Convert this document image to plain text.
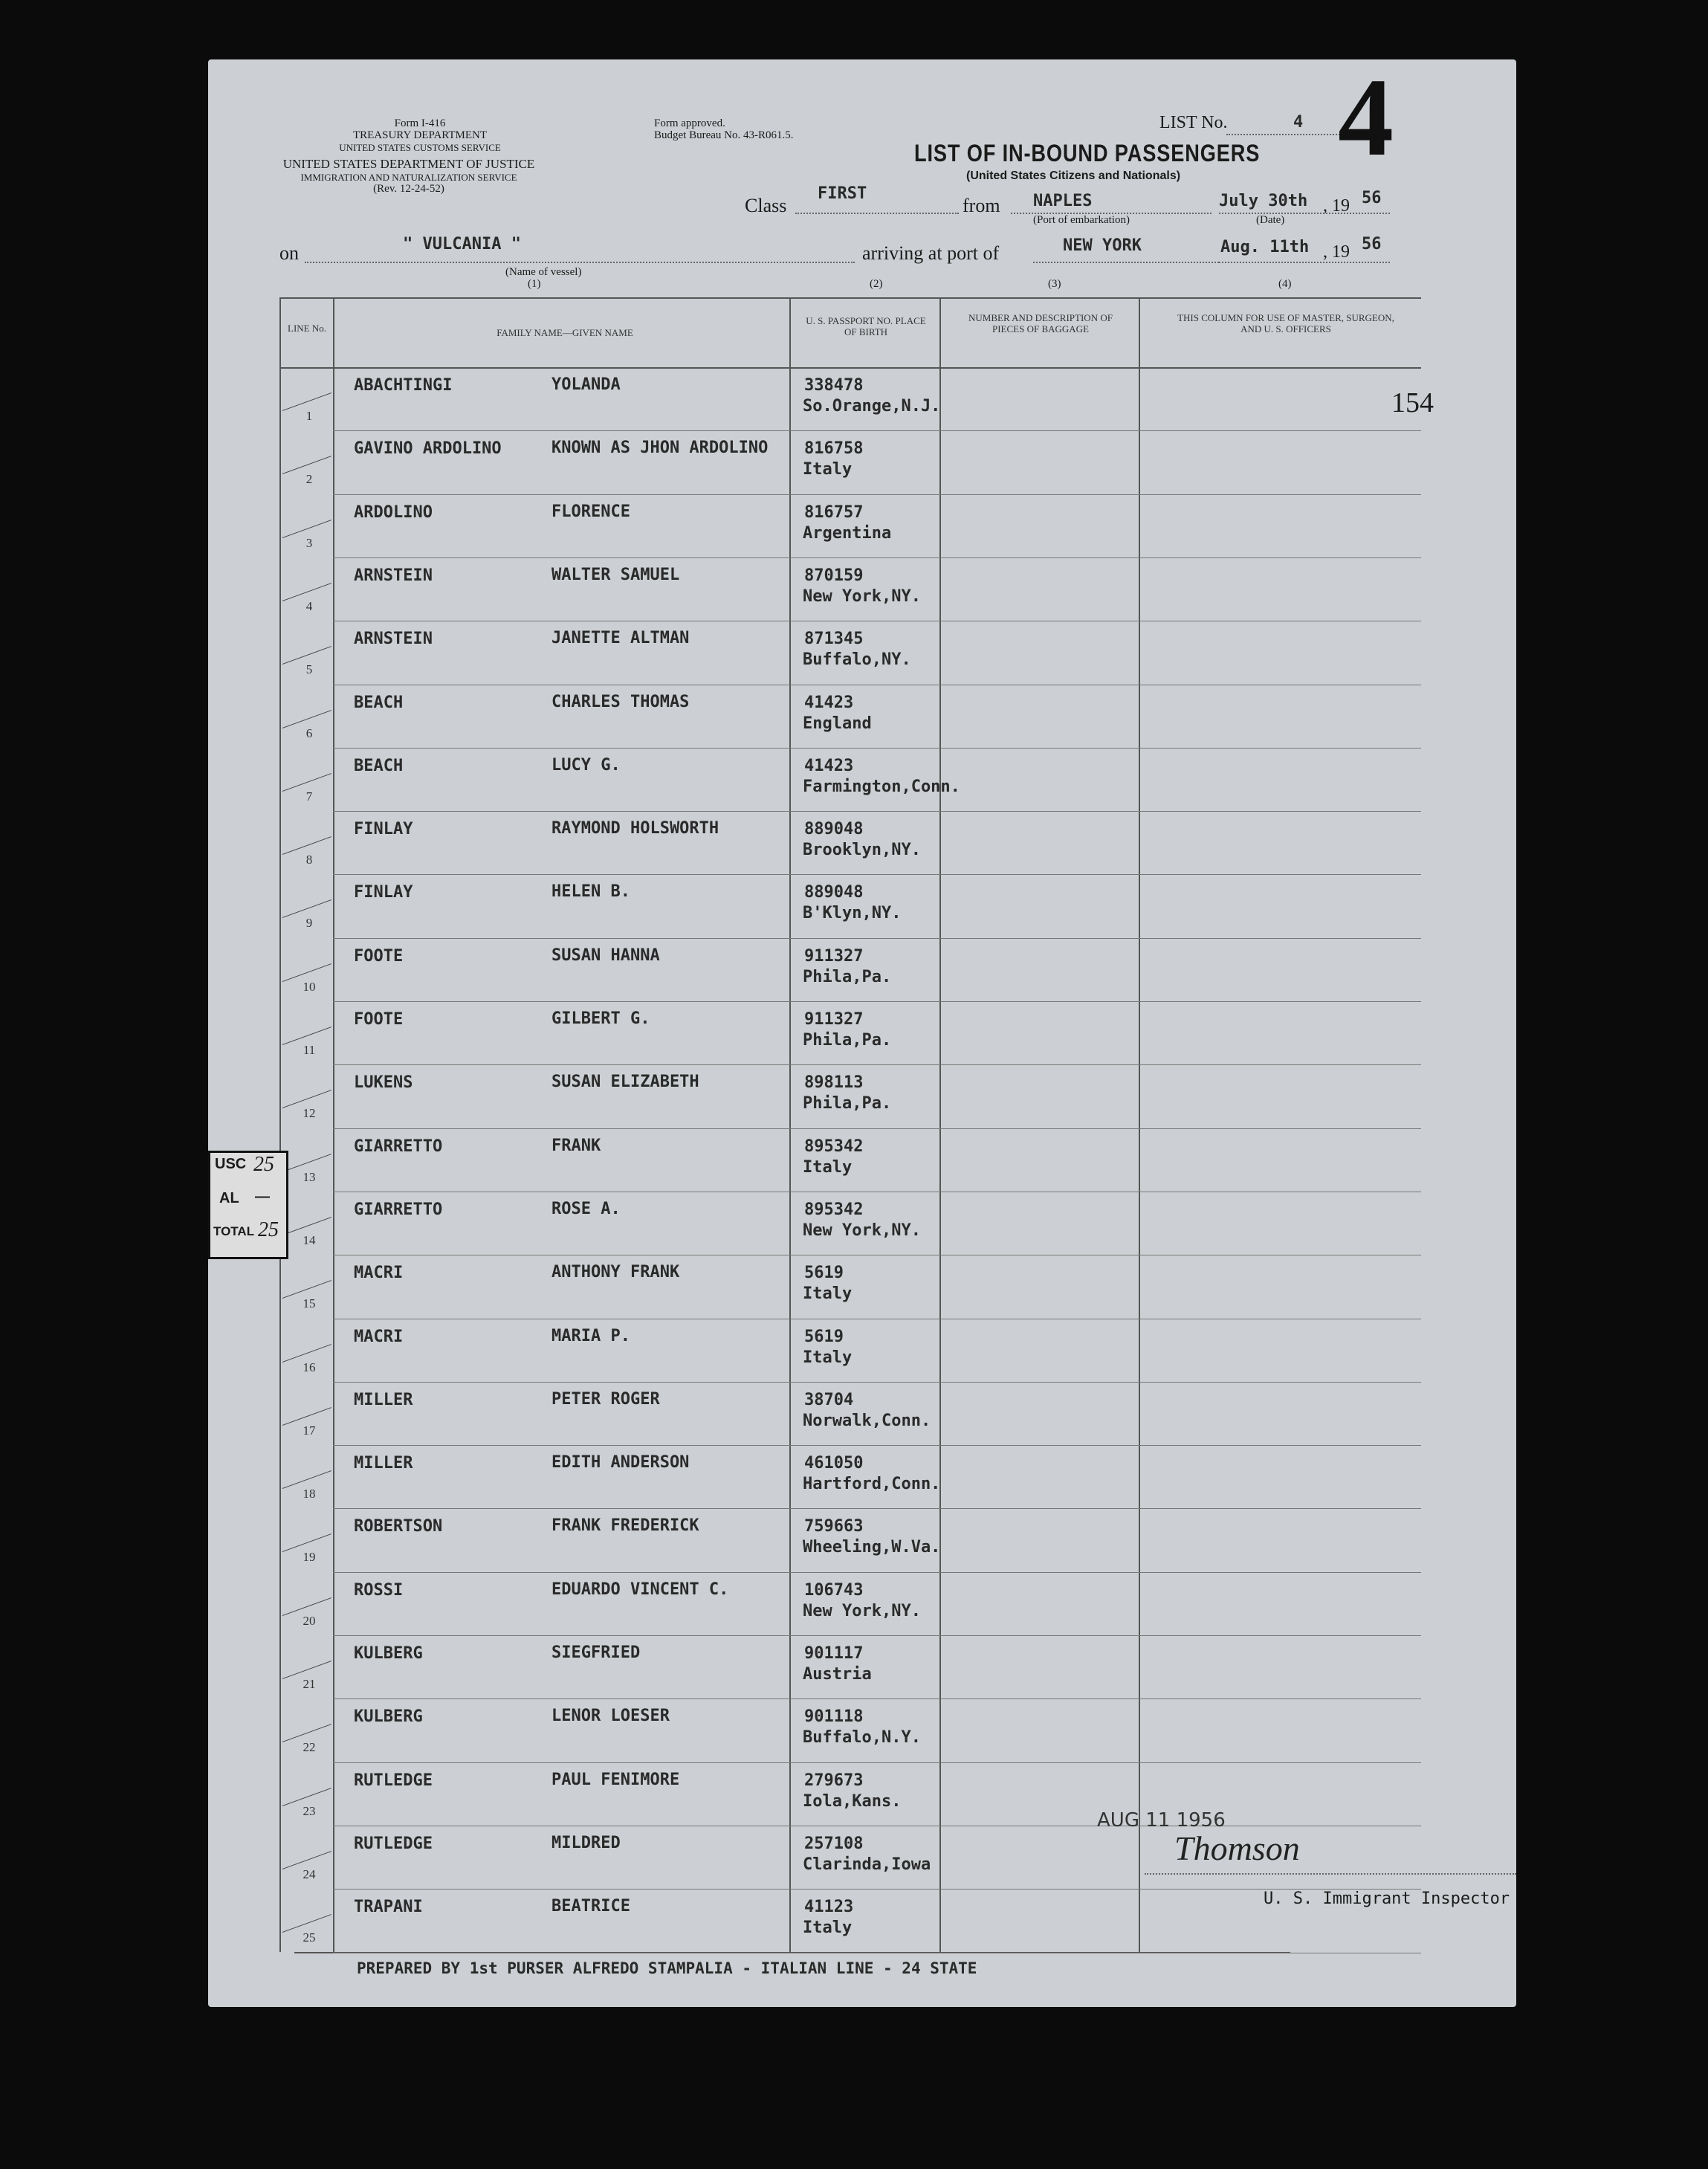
Form I-416
TREASURY DEPARTMENT
UNITED STATES CUSTOMS SERVICE
UNITED STATES DEPARTMENT OF JUSTICE
IMMIGRATION AND NATURALIZATION SERVICE
(Rev. 12-24-52)
Form approved.
Budget Bureau No. 43-R061.5.
LIST No.	4 4
LIST OF IN-BOUND PASSENGERS
(United States Citizens and Nationals)
Class
FIRST
from NAPLES
(Port of embarkation)
July 30th , 19 56
(Date)
on	" VULCANIA "
(Name of vessel)
(1)
arriving at port of
(2)
NEW YORK
(3)
Aug. 11th , 19 56
(4)
LINE No.	FAMILY NAME—GIVEN NAME
U. S. PASSPORT NO. PLACE OF BIRTH
NUMBER AND DESCRIPTION OF PIECES OF BAGGAGE
THIS COLUMN FOR USE OF MASTER, SURGEON, AND U. S. OFFICERS
1
ABACHTINGI	YOLANDA	338478
So.Orange,N.J.
2
GAVINO ARDOLINO	KNOWN AS JHON ARDOLINO	816758
Italy
3
ARDOLINO	FLORENCE	816757
Argentina
4
ARNSTEIN	WALTER SAMUEL	870159
New York,NY.
5
ARNSTEIN	JANETTE ALTMAN	871345
Buffalo,NY.
6
BEACH	CHARLES THOMAS	41423
England
7
BEACH	LUCY G.	41423
Farmington,Conn.
8
FINLAY	RAYMOND HOLSWORTH	889048
Brooklyn,NY.
9
FINLAY	HELEN B.	889048
B'Klyn,NY.
10
FOOTE	SUSAN HANNA	911327
Phila,Pa.
11
FOOTE	GILBERT G.	911327
Phila,Pa.
12
LUKENS	SUSAN ELIZABETH	898113
Phila,Pa.
13
GIARRETTO	FRANK	895342
Italy
14
GIARRETTO	ROSE A.	895342
New York,NY.
15
MACRI	ANTHONY FRANK	5619
Italy
16
MACRI	MARIA P.	5619
Italy
17
MILLER	PETER ROGER	38704
Norwalk,Conn.
18
MILLER	EDITH ANDERSON	461050
Hartford,Conn.
19
ROBERTSON	FRANK FREDERICK	759663
Wheeling,W.Va.
20
ROSSI	EDUARDO VINCENT C.	106743
New York,NY.
21
KULBERG	SIEGFRIED	901117
Austria
22
KULBERG	LENOR LOESER	901118
Buffalo,N.Y.
23
RUTLEDGE	PAUL FENIMORE	279673
Iola,Kans.
24
RUTLEDGE	MILDRED	257108
Clarinda,Iowa
25
TRAPANI	BEATRICE	41123
Italy
154
AUG 11 1956
Thomson
U. S. Immigrant Inspector
PREPARED BY 1st PURSER ALFREDO STAMPALIA - ITALIAN LINE - 24 STATE
USC 25
AL —
TOTAL 25
